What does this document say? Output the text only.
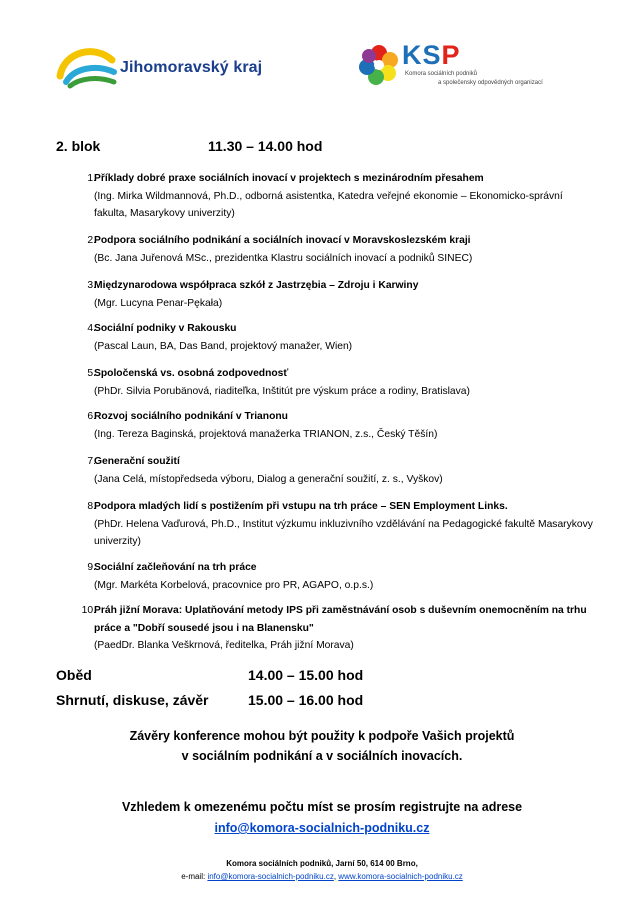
Jihomoravský kraj	KSP
Komora sociálních podniků
a společensky odpovědných organizací
2. blok	11.30 – 14.00 hod
1.
Příklady dobré praxe sociálních inovací v projektech s mezinárodním přesahem
(Ing. Mirka Wildmannová, Ph.D., odborná asistentka, Katedra veřejné ekonomie – Ekonomicko-správní fakulta, Masarykovy univerzity)
2.
Podpora sociálního podnikání a sociálních inovací v Moravskoslezském kraji
(Bc. Jana Juřenová MSc., prezidentka Klastru sociálních inovací a podniků SINEC)
3.
Międzynarodowa współpraca szkół z Jastrzębia – Zdroju i Karwiny
(Mgr. Lucyna Penar-Pękała)
4.
Sociální podniky v Rakousku
(Pascal Laun, BA, Das Band, projektový manažer, Wien)
5.
Spoločenská vs. osobná zodpovednosť
(PhDr. Silvia Porubänová, riaditeľka, Inštitút pre výskum práce a rodiny, Bratislava)
6.
Rozvoj sociálního podnikání v Trianonu
(Ing. Tereza Baginská, projektová manažerka TRIANON, z.s., Český Těšín)
7.
Generační soužití
(Jana Celá, místopředseda výboru, Dialog a generační soužití, z. s., Vyškov)
8.
Podpora mladých lidí s postižením při vstupu na trh práce – SEN Employment Links.
(PhDr. Helena Vaďurová, Ph.D., Institut výzkumu inkluzivního vzdělávání na Pedagogické fakultě Masarykovy univerzity)
9.
Sociální začleňování na trh práce
(Mgr. Markéta Korbelová, pracovnice pro PR, AGAPO, o.p.s.)
10.
Práh jižní Morava: Uplatňování metody IPS při zaměstnávání osob s duševním onemocněním na trhu práce a "Dobří sousedé jsou i na Blanensku"
(PaedDr. Blanka Veškrnová, ředitelka, Práh jižní Morava)
Oběd	14.00 – 15.00 hod
Shrnutí, diskuse, závěr	15.00 – 16.00 hod
Závěry konference mohou být použity k podpoře Vašich projektů
v sociálním podnikání a v sociálních inovacích.
Vzhledem k omezenému počtu míst se prosím registrujte na adrese
info@komora-socialnich-podniku.cz
Komora sociálních podniků, Jarní 50, 614 00 Brno,
e-mail: info@komora-socialnich-podniku.cz, www.komora-socialnich-podniku.cz
